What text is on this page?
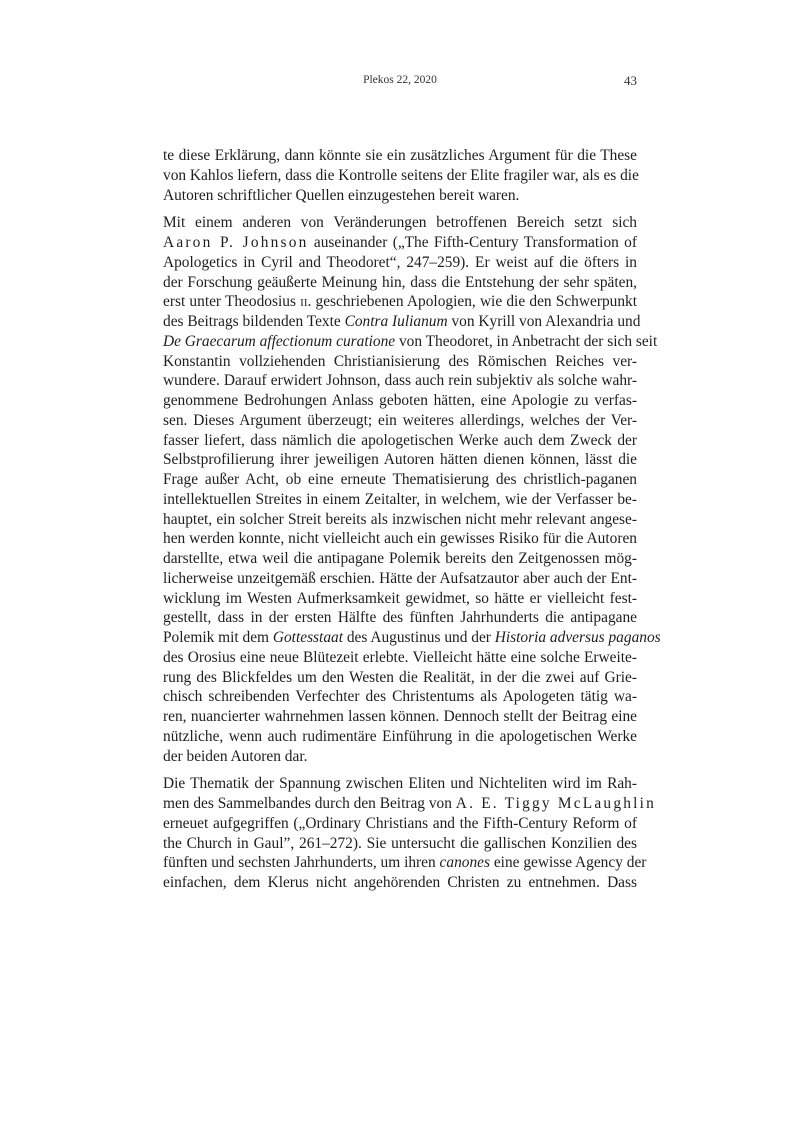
Plekos 22, 2020	43

te diese Erklärung, dann könnte sie ein zusätzliches Argument für die These
von Kahlos liefern, dass die Kontrolle seitens der Elite fragiler war, als es die
Autoren schriftlicher Quellen einzugestehen bereit waren.

Mit einem anderen von Veränderungen betroffenen Bereich setzt sich
Aaron P. Johnson auseinander („The Fifth-Century Transformation of
Apologetics in Cyril and Theodoret“, 247–259). Er weist auf die öfters in
der Forschung geäußerte Meinung hin, dass die Entstehung der sehr späten,
erst unter Theodosius ii. geschriebenen Apologien, wie die den Schwerpunkt
des Beitrags bildenden Texte Contra Iulianum von Kyrill von Alexandria und
De Graecarum affectionum curatione von Theodoret, in Anbetracht der sich seit
Konstantin vollziehenden Christianisierung des Römischen Reiches ver-
wundere. Darauf erwidert Johnson, dass auch rein subjektiv als solche wahr-
genommene Bedrohungen Anlass geboten hätten, eine Apologie zu verfas-
sen. Dieses Argument überzeugt; ein weiteres allerdings, welches der Ver-
fasser liefert, dass nämlich die apologetischen Werke auch dem Zweck der
Selbstprofilierung ihrer jeweiligen Autoren hätten dienen können, lässt die
Frage außer Acht, ob eine erneute Thematisierung des christlich-paganen
intellektuellen Streites in einem Zeitalter, in welchem, wie der Verfasser be-
hauptet, ein solcher Streit bereits als inzwischen nicht mehr relevant angese-
hen werden konnte, nicht vielleicht auch ein gewisses Risiko für die Autoren
darstellte, etwa weil die antipagane Polemik bereits den Zeitgenossen mög-
licherweise unzeitgemäß erschien. Hätte der Aufsatzautor aber auch der Ent-
wicklung im Westen Aufmerksamkeit gewidmet, so hätte er vielleicht fest-
gestellt, dass in der ersten Hälfte des fünften Jahrhunderts die antipagane
Polemik mit dem Gottesstaat des Augustinus und der Historia adversus paganos
des Orosius eine neue Blütezeit erlebte. Vielleicht hätte eine solche Erweite-
rung des Blickfeldes um den Westen die Realität, in der die zwei auf Grie-
chisch schreibenden Verfechter des Christentums als Apologeten tätig wa-
ren, nuancierter wahrnehmen lassen können. Dennoch stellt der Beitrag eine
nützliche, wenn auch rudimentäre Einführung in die apologetischen Werke
der beiden Autoren dar.

Die Thematik der Spannung zwischen Eliten und Nichteliten wird im Rah-
men des Sammelbandes durch den Beitrag von A. E. Tiggy McLaughlin
erneuet aufgegriffen („Ordinary Christians and the Fifth-Century Reform of
the Church in Gaul”, 261–272). Sie untersucht die gallischen Konzilien des
fünften und sechsten Jahrhunderts, um ihren canones eine gewisse Agency der
einfachen, dem Klerus nicht angehörenden Christen zu entnehmen. Dass
